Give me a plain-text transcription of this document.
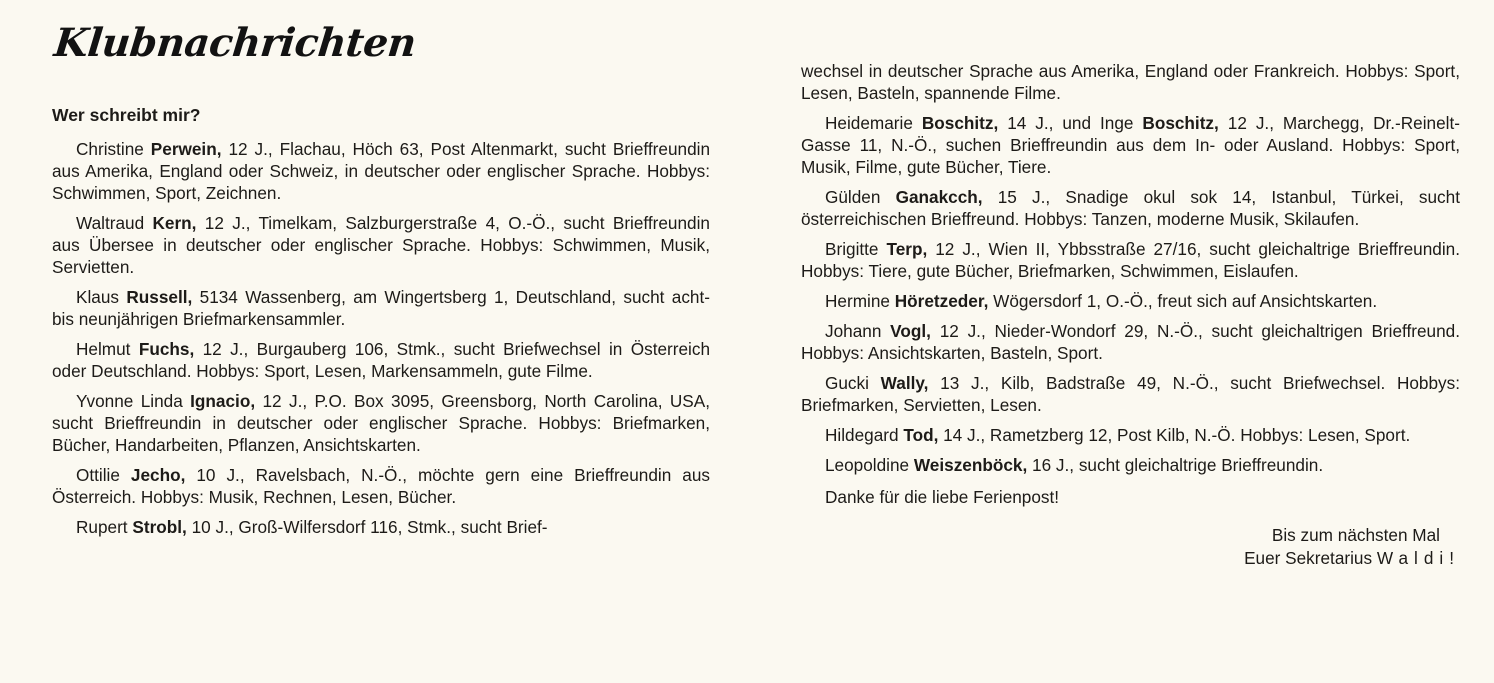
Klubnachrichten
Wer schreibt mir?

Christine Perwein, 12 J., Flachau, Höch 63, Post Altenmarkt, sucht Brieffreundin aus Amerika, England oder Schweiz, in deutscher oder englischer Sprache. Hobbys: Schwimmen, Sport, Zeichnen.

Waltraud Kern, 12 J., Timelkam, Salzburgerstraße 4, O.-Ö., sucht Brieffreundin aus Übersee in deutscher oder englischer Sprache. Hobbys: Schwimmen, Musik, Servietten.

Klaus Russell, 5134 Wassenberg, am Wingertsberg 1, Deutschland, sucht acht- bis neunjährigen Briefmarkensammler.

Helmut Fuchs, 12 J., Burgauberg 106, Stmk., sucht Briefwechsel in Österreich oder Deutschland. Hobbys: Sport, Lesen, Markensammeln, gute Filme.

Yvonne Linda Ignacio, 12 J., P.O. Box 3095, Greensborg, North Carolina, USA, sucht Brieffreundin in deutscher oder englischer Sprache. Hobbys: Briefmarken, Bücher, Handarbeiten, Pflanzen, Ansichtskarten.

Ottilie Jecho, 10 J., Ravelsbach, N.-Ö., möchte gern eine Brieffreundin aus Österreich. Hobbys: Musik, Rechnen, Lesen, Bücher.

Rupert Strobl, 10 J., Groß-Wilfersdorf 116, Stmk., sucht Brief-

wechsel in deutscher Sprache aus Amerika, England oder Frankreich. Hobbys: Sport, Lesen, Basteln, spannende Filme.

Heidemarie Boschitz, 14 J., und Inge Boschitz, 12 J., Marchegg, Dr.-Reinelt-Gasse 11, N.-Ö., suchen Brieffreundin aus dem In- oder Ausland. Hobbys: Sport, Musik, Filme, gute Bücher, Tiere.

Gülden Ganakcch, 15 J., Snadige okul sok 14, Istanbul, Türkei, sucht österreichischen Brieffreund. Hobbys: Tanzen, moderne Musik, Skilaufen.

Brigitte Terp, 12 J., Wien II, Ybbsstraße 27/16, sucht gleichaltrige Brieffreundin. Hobbys: Tiere, gute Bücher, Briefmarken, Schwimmen, Eislaufen.

Hermine Höretzeder, Wögersdorf 1, O.-Ö., freut sich auf Ansichtskarten.

Johann Vogl, 12 J., Nieder-Wondorf 29, N.-Ö., sucht gleichaltrigen Brieffreund. Hobbys: Ansichtskarten, Basteln, Sport.

Gucki Wally, 13 J., Kilb, Badstraße 49, N.-Ö., sucht Briefwechsel. Hobbys: Briefmarken, Servietten, Lesen.

Hildegard Tod, 14 J., Rametzberg 12, Post Kilb, N.-Ö. Hobbys: Lesen, Sport.

Leopoldine Weiszenböck, 16 J., sucht gleichaltrige Brieffreundin.

Danke für die liebe Ferienpost!

Bis zum nächsten Mal
Euer Sekretarius Waldi!
